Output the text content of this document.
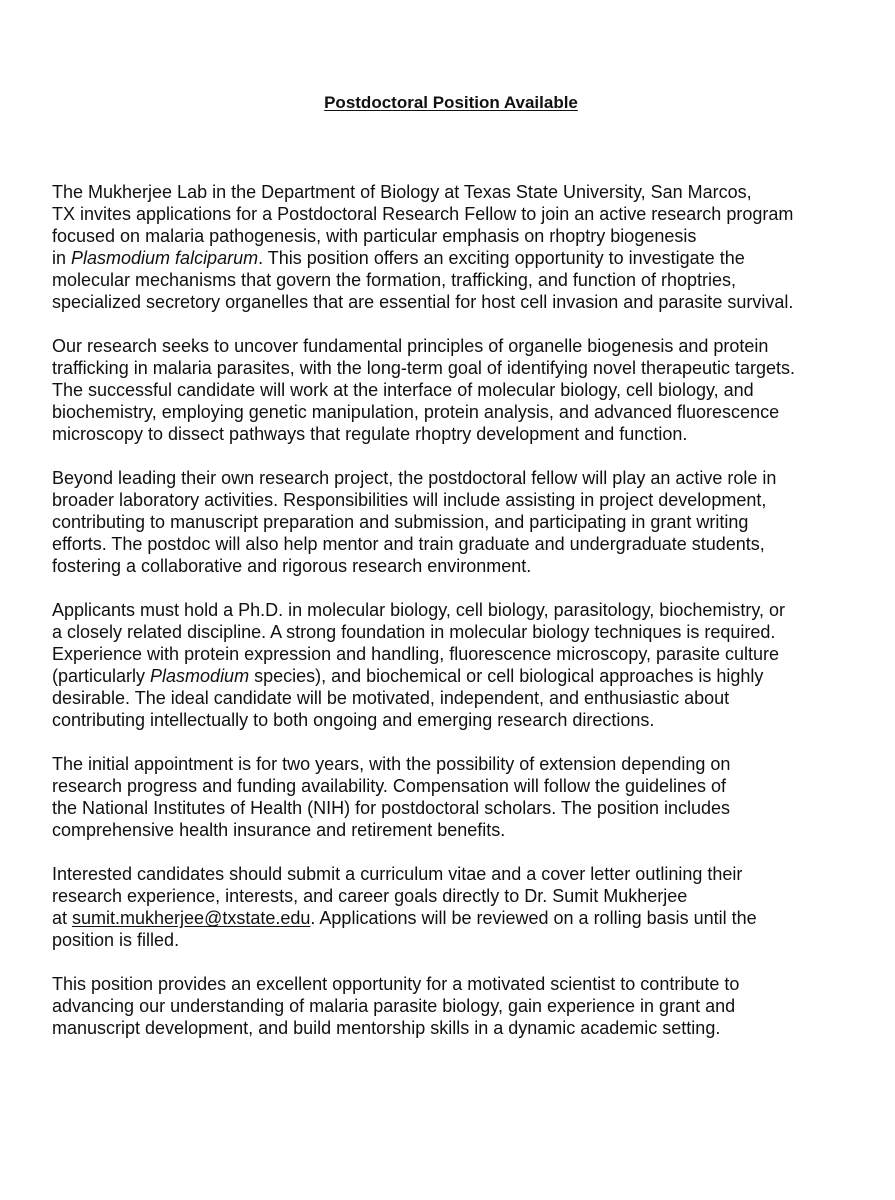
Postdoctoral Position Available

The Mukherjee Lab in the Department of Biology at Texas State University, San Marcos,
TX invites applications for a Postdoctoral Research Fellow to join an active research program
focused on malaria pathogenesis, with particular emphasis on rhoptry biogenesis
in Plasmodium falciparum. This position offers an exciting opportunity to investigate the
molecular mechanisms that govern the formation, trafficking, and function of rhoptries,
specialized secretory organelles that are essential for host cell invasion and parasite survival.

Our research seeks to uncover fundamental principles of organelle biogenesis and protein
trafficking in malaria parasites, with the long-term goal of identifying novel therapeutic targets.
The successful candidate will work at the interface of molecular biology, cell biology, and
biochemistry, employing genetic manipulation, protein analysis, and advanced fluorescence
microscopy to dissect pathways that regulate rhoptry development and function.

Beyond leading their own research project, the postdoctoral fellow will play an active role in
broader laboratory activities. Responsibilities will include assisting in project development,
contributing to manuscript preparation and submission, and participating in grant writing
efforts. The postdoc will also help mentor and train graduate and undergraduate students,
fostering a collaborative and rigorous research environment.

Applicants must hold a Ph.D. in molecular biology, cell biology, parasitology, biochemistry, or
a closely related discipline. A strong foundation in molecular biology techniques is required.
Experience with protein expression and handling, fluorescence microscopy, parasite culture
(particularly Plasmodium species), and biochemical or cell biological approaches is highly
desirable. The ideal candidate will be motivated, independent, and enthusiastic about
contributing intellectually to both ongoing and emerging research directions.

The initial appointment is for two years, with the possibility of extension depending on
research progress and funding availability. Compensation will follow the guidelines of
the National Institutes of Health (NIH) for postdoctoral scholars. The position includes
comprehensive health insurance and retirement benefits.

Interested candidates should submit a curriculum vitae and a cover letter outlining their
research experience, interests, and career goals directly to Dr. Sumit Mukherjee
at sumit.mukherjee@txstate.edu. Applications will be reviewed on a rolling basis until the
position is filled.

This position provides an excellent opportunity for a motivated scientist to contribute to
advancing our understanding of malaria parasite biology, gain experience in grant and
manuscript development, and build mentorship skills in a dynamic academic setting.
